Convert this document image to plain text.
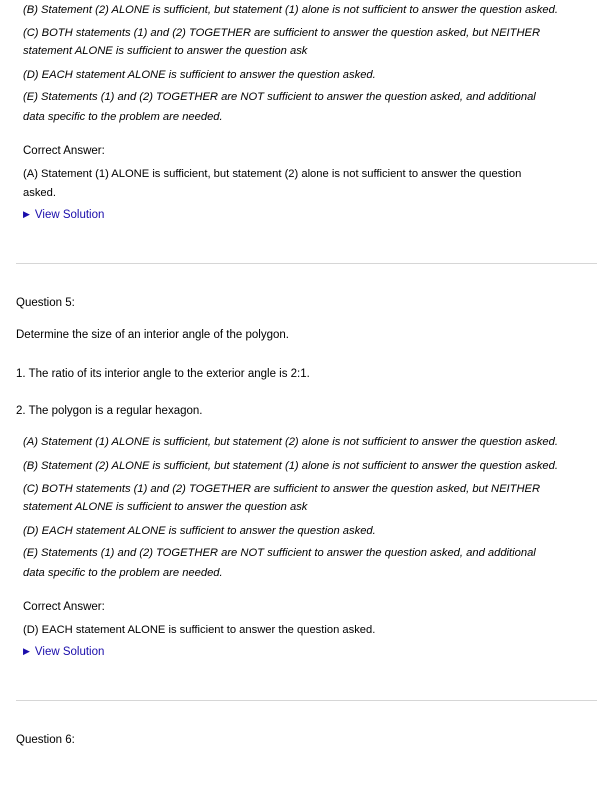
(B) Statement (2) ALONE is sufficient, but statement (1) alone is not sufficient to answer the question asked.
(C) BOTH statements (1) and (2) TOGETHER are sufficient to answer the question asked, but NEITHER
statement ALONE is sufficient to answer the question ask
(D) EACH statement ALONE is sufficient to answer the question asked.
(E) Statements (1) and (2) TOGETHER are NOT sufficient to answer the question asked, and additional
data specific to the problem are needed.
Correct Answer:
(A) Statement (1) ALONE is sufficient, but statement (2) alone is not sufficient to answer the question
asked.
▶ View Solution
Question 5:
Determine the size of an interior angle of the polygon.
1. The ratio of its interior angle to the exterior angle is 2:1.
2. The polygon is a regular hexagon.
(A) Statement (1) ALONE is sufficient, but statement (2) alone is not sufficient to answer the question asked.
(B) Statement (2) ALONE is sufficient, but statement (1) alone is not sufficient to answer the question asked.
(C) BOTH statements (1) and (2) TOGETHER are sufficient to answer the question asked, but NEITHER
statement ALONE is sufficient to answer the question ask
(D) EACH statement ALONE is sufficient to answer the question asked.
(E) Statements (1) and (2) TOGETHER are NOT sufficient to answer the question asked, and additional
data specific to the problem are needed.
Correct Answer:
(D) EACH statement ALONE is sufficient to answer the question asked.
▶ View Solution
Question 6:
